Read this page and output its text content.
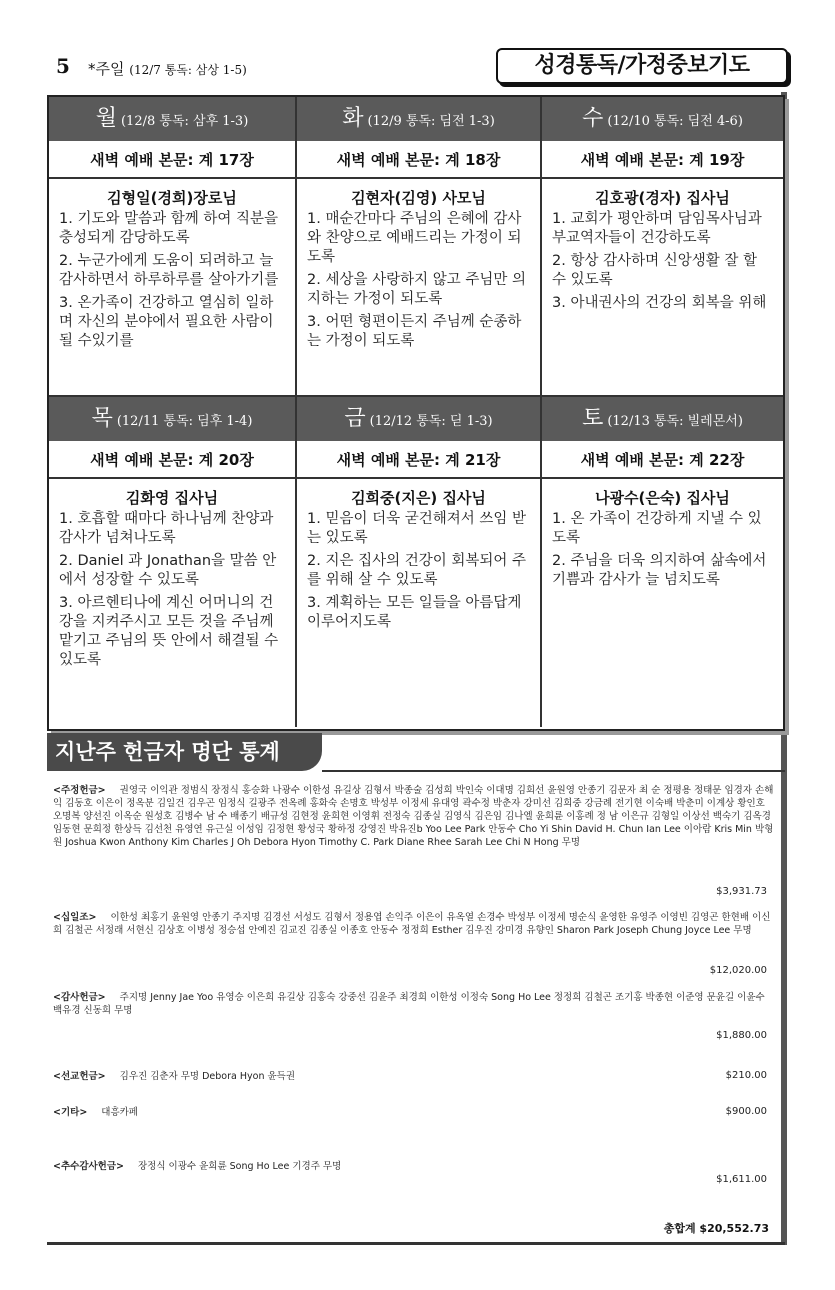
5 *주일 (12/7 통독: 삼상 1-5)	성경통독/가정중보기도
월 (12/8 통독: 삼후 1-3)
새벽 예배 본문: 계 17장
김형일(경희)장로님
1. 기도와 말씀과 함께 하여 직분을 충성되게 감당하도록
2. 누군가에게 도움이 되려하고 늘 감사하면서 하루하루를 살아가기를
3. 온가족이 건강하고 열심히 일하며 자신의 분야에서 필요한 사람이 될 수있기를
화 (12/9 통독: 딤전 1-3)
새벽 예배 본문: 계 18장
김현자(김영) 사모님
1. 매순간마다 주님의 은혜에 감사와 찬양으로 예배드리는 가정이 되도록
2. 세상을 사랑하지 않고 주님만 의지하는 가정이 되도록
3. 어떤 형편이든지 주님께 순종하는 가정이 되도록
수 (12/10 통독: 딤전 4-6)
새벽 예배 본문: 계 19장
김호광(경자) 집사님
1. 교회가 평안하며 담임목사님과 부교역자들이 건강하도록
2. 항상 감사하며 신앙생활 잘 할 수 있도록
3. 아내권사의 건강의 회복을 위해
목 (12/11 통독: 딤후 1-4)
새벽 예배 본문: 계 20장
김화영 집사님
1. 호흡할 때마다 하나님께 찬양과 감사가 넘쳐나도록
2. Daniel 과 Jonathan을 말씀 안에서 성장할 수 있도록
3. 아르헨티나에 계신 어머니의 건강을 지켜주시고 모든 것을 주님께 맡기고 주님의 뜻 안에서 해결될 수 있도록
금 (12/12 통독: 딛 1-3)
새벽 예배 본문: 계 21장
김희중(지은) 집사님
1. 믿음이 더욱 굳건해져서 쓰임 받는 있도록
2. 지은 집사의 건강이 회복되어 주를 위해 살 수 있도록
3. 계획하는 모든 일들을 아름답게 이루어지도록
토 (12/13 통독: 빌레몬서)
새벽 예배 본문: 계 22장
나광수(은숙) 집사님
1. 온 가족이 건강하게 지낼 수 있도록
2. 주님을 더욱 의지하여 삶속에서 기쁨과 감사가 늘 넘치도록
지난주 헌금자 명단 통계
<주정헌금> 권영국 이익관 정범식 장정식 홍승화 나광수 이한성 유길상 김형서 박종술 김성희 박인숙 이대명 김희선 윤원영 안종기 김문자 최 순 정평용 정태문 임경자 손해익 김동호 이은이 정옥분 김일건 김우곤 임정식 길광주 전옥례 홍화숙 손명호 박성부 이정세 유대영 곽수정 박춘자 강미선 김희중 강금례 전기현 이숙배 박춘미 이계상 황인호 오명복 양선진 이옥순 원성호 김병수 남 수 배종기 배규성 김현정 윤희현 이영휘 전정숙 김종실 김영식 김은임 김나엘 윤희륜 이홍례 정 남 이은규 김형일 이상선 백숙기 김옥경 임동현 문희정 한상득 김선천 유영연 유근실 이성임 김정현 황성국 황하정 강영진 박유진b Yoo Lee Park 안동수 Cho Yi Shin David H. Chun Ian Lee 이아람 Kris Min 박형원 Joshua Kwon Anthony Kim Charles J Oh Debora Hyon Timothy C. Park Diane Rhee Sarah Lee Chi N Hong 무명
$3,931.73
<십일조> 이한성 최홍기 윤원영 안종기 주지명 김경선 서성도 김형서 정용엽 손익주 이은이 유옥열 손경수 박성부 이정세 명순식 윤영한 유영주 이영빈 김영곤 한현배 이신희 김철곤 서정래 서현신 김상호 이병성 정승섭 안예진 김교진 김종실 이종호 안동수 정정희 Esther 김우진 강미경 유향인 Sharon Park Joseph Chung Joyce Lee 무명
$12,020.00
<감사헌금> 주지명 Jenny Jae Yoo 유영승 이은희 유길상 김홍숙 강중선 김윤주 최경희 이한성 이정숙 Song Ho Lee 정정희 김철곤 조기홍 박종현 이준영 문윤길 이윤수 백유경 신동희 무명
$1,880.00
<선교헌금> 김우진 김춘자 무명 Debora Hyon 윤득권	$210.00
<기타> 대흥카페	$900.00
<추수감사헌금> 장정식 이광수 윤희륜 Song Ho Lee 기경주 무명
$1,611.00
총합계 $20,552.73
